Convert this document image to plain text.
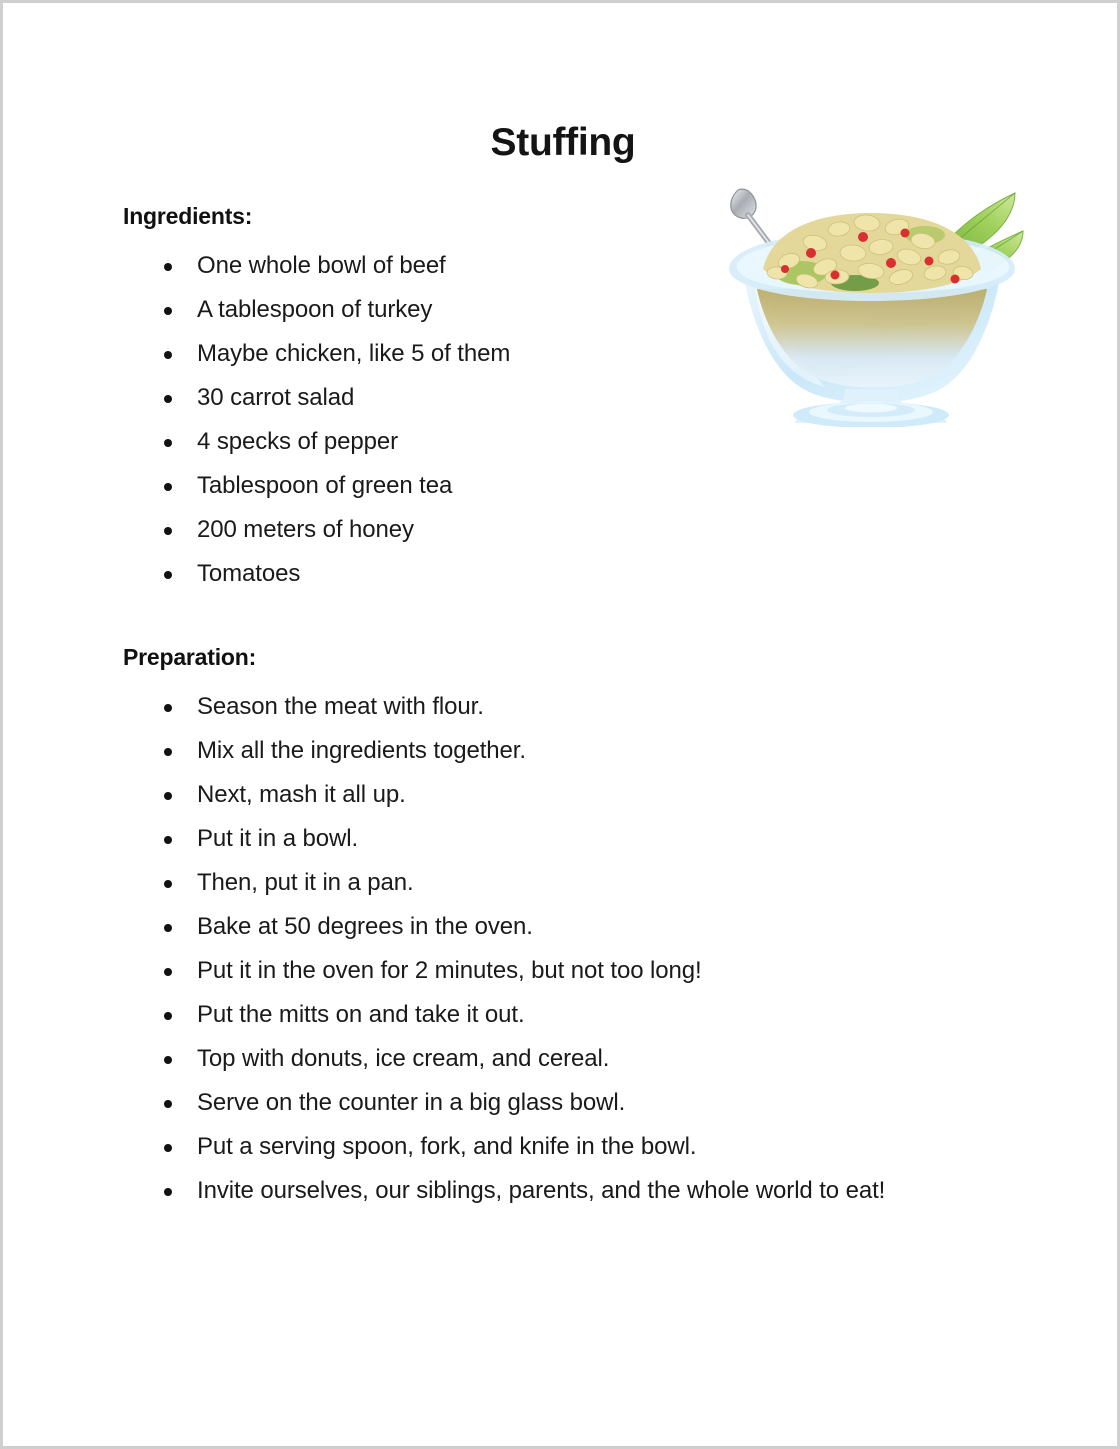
Stuffing
Ingredients:
One whole bowl of beef
A tablespoon of turkey
Maybe chicken, like 5 of them
30 carrot salad
4 specks of pepper
Tablespoon of green tea
200 meters of honey
Tomatoes
Preparation:
Season the meat with flour.
Mix all the ingredients together.
Next, mash it all up.
Put it in a bowl.
Then, put it in a pan.
Bake at 50 degrees in the oven.
Put it in the oven for 2 minutes, but not too long!
Put the mitts on and take it out.
Top with donuts, ice cream, and cereal.
Serve on the counter in a big glass bowl.
Put a serving spoon, fork, and knife in the bowl.
Invite ourselves, our siblings, parents, and the whole world to eat!
